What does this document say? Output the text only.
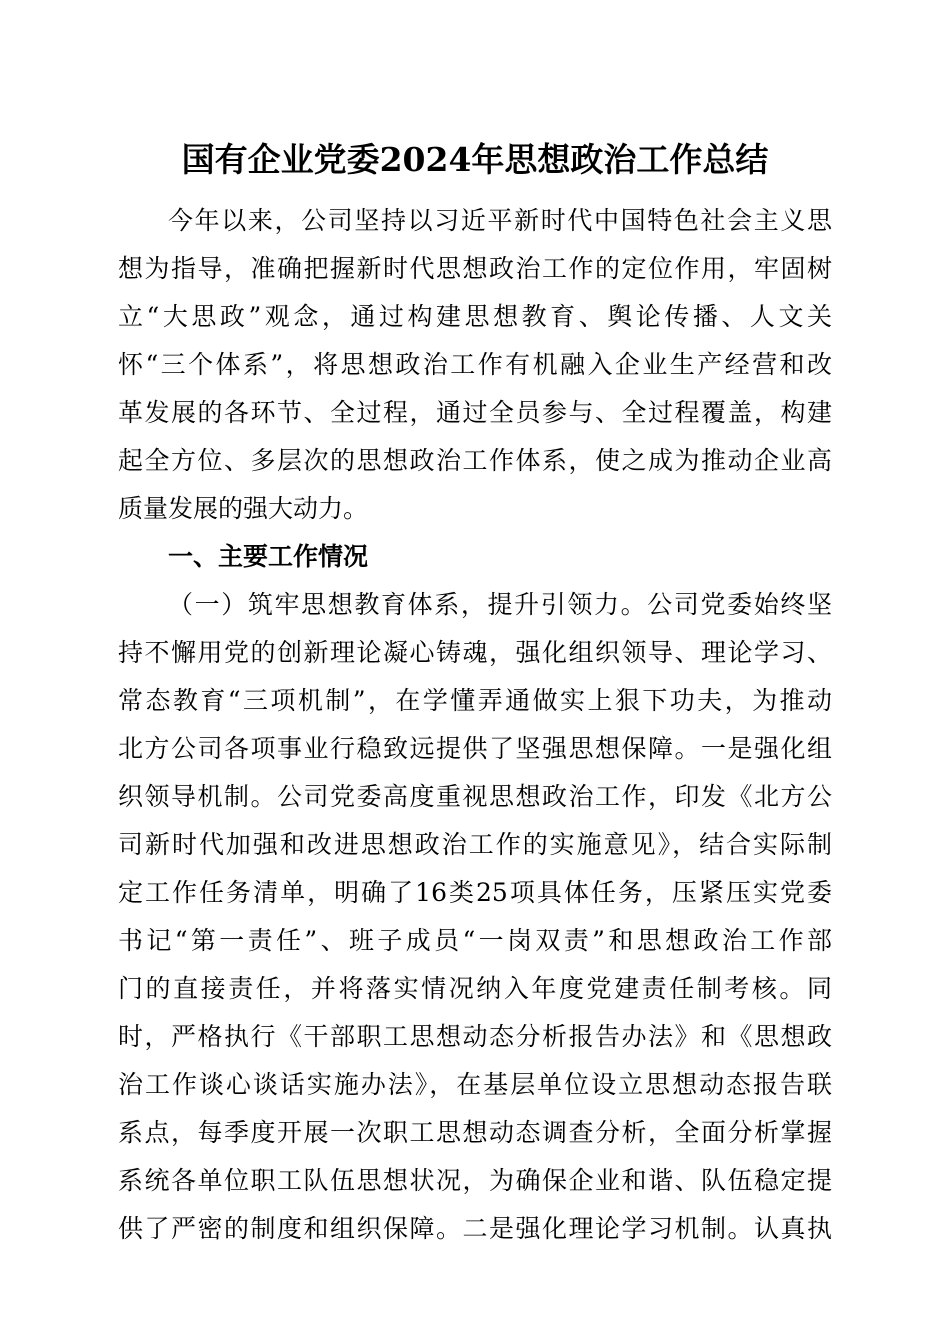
国有企业党委2024年思想政治工作总结
今年以来，公司坚持以习近平新时代中国特色社会主义思
想为指导，准确把握新时代思想政治工作的定位作用，牢固树
立“大思政”观念，通过构建思想教育、舆论传播、人文关
怀“三个体系”，将思想政治工作有机融入企业生产经营和改
革发展的各环节、全过程，通过全员参与、全过程覆盖，构建
起全方位、多层次的思想政治工作体系，使之成为推动企业高
质量发展的强大动力。
一、主要工作情况
（一）筑牢思想教育体系，提升引领力。公司党委始终坚
持不懈用党的创新理论凝心铸魂，强化组织领导、理论学习、
常态教育“三项机制”，在学懂弄通做实上狠下功夫，为推动
北方公司各项事业行稳致远提供了坚强思想保障。一是强化组
织领导机制。公司党委高度重视思想政治工作，印发《北方公
司新时代加强和改进思想政治工作的实施意见》，结合实际制
定工作任务清单，明确了16类25项具体任务，压紧压实党委
书记“第一责任”、班子成员“一岗双责”和思想政治工作部
门的直接责任，并将落实情况纳入年度党建责任制考核。同
时，严格执行《干部职工思想动态分析报告办法》和《思想政
治工作谈心谈话实施办法》，在基层单位设立思想动态报告联
系点，每季度开展一次职工思想动态调查分析，全面分析掌握
系统各单位职工队伍思想状况，为确保企业和谐、队伍稳定提
供了严密的制度和组织保障。二是强化理论学习机制。认真执
